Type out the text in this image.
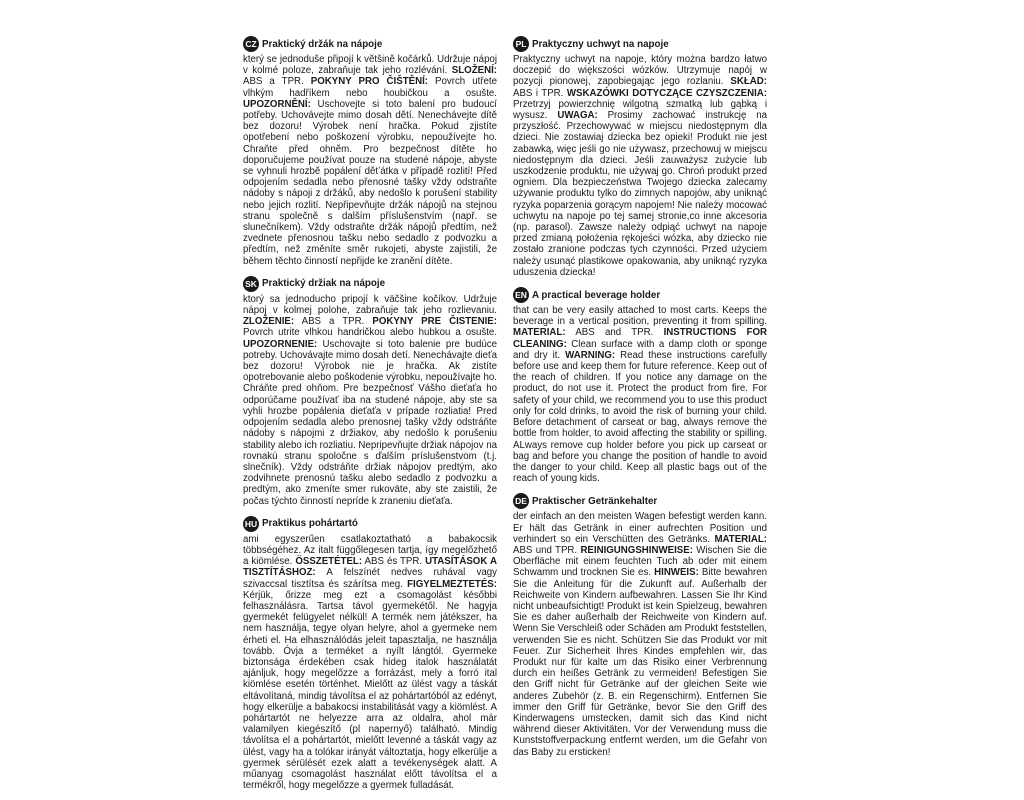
CZ Praktický držák na nápoje
který se jednoduše připojí k většině kočárků. Udržuje nápoj v kolmé poloze, zabraňuje tak jeho rozlévání. SLOŽENÍ: ABS a TPR. POKYNY PRO ČIŠTĚNÍ: Povrch utřete vlhkým hadříkem nebo houbičkou a osušte. UPOZORNĚNÍ: Uschovejte si toto balení pro budoucí potřeby. Uchovávejte mimo dosah dětí. Nenechávejte dítě bez dozoru! Výrobek není hračka. Pokud zjistíte opotřebení nebo poškození výrobku, nepoužívejte ho. Chraňte před ohněm. Pro bezpečnost dítěte ho doporučujeme používat pouze na studené nápoje, abyste se vyhnuli hrozbě popálení dětʼátka v případě rozlití! Před odpojením sedadla nebo přenosné tašky vždy odstraňte nádoby s nápoji z držáků, aby nedošlo k porušení stability nebo jejich rozlití. Nepřipevňujte držák nápojů na stejnou stranu společně s dalším příslušenstvím (např. se slunečníkem). Vždy odstraňte držák nápojů předtím, než zvednete přenosnou tašku nebo sedadlo z podvozku a předtím, než změníte směr rukojeti, abyste zajistili, že během těchto činností nepřijde ke zranění dítěte.
SK Praktický držiak na nápoje
ktorý sa jednoducho pripojí k väčšine kočíkov. Udržuje nápoj v kolmej polohe, zabraňuje tak jeho rozlievaniu. ZLOŽENIE: ABS a TPR. POKYNY PRE ČISTENIE: Povrch utrite vlhkou handričkou alebo hubkou a osušte. UPOZORNENIE: Uschovajte si toto balenie pre budúce potreby. Uchovávajte mimo dosah detí. Nenechávajte dieťa bez dozoru! Výrobok nie je hračka. Ak zistíte opotrebovanie alebo poškodenie výrobku, nepoužívajte ho. Chráňte pred ohňom. Pre bezpečnosť Vášho dieťaťa ho odporúčame používať iba na studené nápoje, aby ste sa vyhli hrozbe popálenia dieťaťa v prípade rozliatia! Pred odpojením sedadla alebo prenosnej tašky vždy odstráňte nádoby s nápojmi z držiakov, aby nedošlo k porušeniu stability alebo ich rozliatiu. Nepripevňujte držiak nápojov na rovnakú stranu spoločne s ďalším príslušenstvom (t.j. slnečník). Vždy odstráňte držiak nápojov predtým, ako zodvihnete prenosnú tašku alebo sedadlo z podvozku a predtým, ako zmeníte smer rukoväte, aby ste zaistili, že počas týchto činností nepríde k zraneniu dieťaťa.
HU Praktikus pohártartó
ami egyszerűen csatlakoztatható a babakocsik többségéhez. Az italt függőlegesen tartja, így megelőzhető a kiömlése. ÖSSZETÉTEL: ABS és TPR. UTASÍTÁSOK A TISZTÍTÁSHOZ: A felszínét nedves ruhával vagy szivaccsal tisztítsa és szárítsa meg. FIGYELMEZTETÉS: Kérjük, őrizze meg ezt a csomagolást későbbi felhasználásra. Tartsa távol gyermekétől. Ne hagyja gyermekét felügyelet nélkül! A termék nem játékszer, ha nem használja, tegye olyan helyre, ahol a gyermeke nem érheti el. Ha elhasználódás jeleit tapasztalja, ne használja tovább. Óvja a terméket a nyílt lángtól. Gyermeke biztonsága érdekében csak hideg italok használatát ajánljuk, hogy megelőzze a forrázást, mely a forró ital kiömlése esetén történhet. Mielőtt az ülést vagy a táskát eltávolítaná, mindig távolítsa el az pohártartóból az edényt, hogy elkerülje a babakocsi instabilitását vagy a kiömlést. A pohártartót ne helyezze arra az oldalra, ahol már valamilyen kiegészítő (pl napernyő) található. Mindig távolítsa el a pohártartót, mielőtt levenné a táskát vagy az ülést, vagy ha a tolókar irányát változtatja, hogy elkerülje a gyermek sérülését ezek alatt a tevékenységek alatt. A műanyag csomagolást használat előtt távolítsa el a termékről, hogy megelőzze a gyermek fulladását.
PL Praktyczny uchwyt na napoje
Praktyczny uchwyt na napoje, który można bardzo łatwo doczepić do większości wózków. Utrzymuje napój w pozycji pionowej, zapobiegając jego rozlaniu. SKŁAD: ABS i TPR. WSKAZÓWKI DOTYCZĄCE CZYSZCZENIA: Przetrzyj powierzchnię wilgotną szmatką lub gąbką i wysusz. UWAGA: Prosimy zachować instrukcję na przyszłość. Przechowywać w miejscu niedostępnym dla dzieci. Nie zostawiaj dziecka bez opieki! Produkt nie jest zabawką, więc jeśli go nie używasz, przechowuj w miejscu niedostępnym dla dzieci. Jeśli zauważysz zużycie lub uszkodzenie produktu, nie używaj go. Chroń produkt przed ogniem. Dla bezpieczeństwa Twojego dziecka zalecamy używanie produktu tylko do zimnych napojów, aby uniknąć ryzyka poparzenia gorącym napojem! Nie należy mocować uchwytu na napoje po tej samej stronie,co inne akcesoria (np. parasol). Zawsze należy odpiąć uchwyt na napoje przed zmianą położenia rękojeści wózka, aby dziecko nie zostało zranione podczas tych czynności. Przed użyciem należy usunąć plastikowe opakowania, aby uniknąć ryzyka uduszenia dziecka!
EN A practical beverage holder
that can be very easily attached to most carts. Keeps the beverage in a vertical position, preventing it from spilling. MATERIAL: ABS and TPR. INSTRUCTIONS FOR CLEANING: Clean surface with a damp cloth or sponge and dry it. WARNING: Read these instructions carefully before use and keep them for future reference. Keep out of the reach of children. If you notice any damage on the product, do not use it. Protect the product from fire. For safety of your child, we recommend you to use this product only for cold drinks, to avoid the risk of burning your child. Before detachment of carseat or bag, always remove the bottle from holder, to avoid affecting the stability or spilling. ALways remove cup holder before you pick up carseat or bag and before you change the position of handle to avoid the danger to your child. Keep all plastic bags out of the reach of young kids.
DE Praktischer Getränkehalter
der einfach an den meisten Wagen befestigt werden kann. Er hält das Getränk in einer aufrechten Position und verhindert so ein Verschütten des Getränks. MATERIAL: ABS und TPR. REINIGUNGSHINWEISE: Wischen Sie die Oberfläche mit einem feuchten Tuch ab oder mit einem Schwamm und trocknen Sie es. HINWEIS: Bitte bewahren Sie die Anleitung für die Zukunft auf. Außerhalb der Reichweite von Kindern aufbewahren. Lassen Sie Ihr Kind nicht unbeaufsichtigt! Produkt ist kein Spielzeug, bewahren Sie es daher außerhalb der Reichweite von Kindern auf. Wenn Sie Verschleiß oder Schäden am Produkt feststellen, verwenden Sie es nicht. Schützen Sie das Produkt vor mit Feuer. Zur Sicherheit Ihres Kindes empfehlen wir, das Produkt nur für kalte um das Risiko einer Verbrennung durch ein heißes Getränk zu vermeiden! Befestigen Sie den Griff nicht für Getränke auf der gleichen Seite wie anderes Zubehör (z. B. ein Regenschirm). Entfernen Sie immer den Griff für Getränke, bevor Sie den Griff des Kinderwagens umstecken, damit sich das Kind nicht während dieser Aktivitäten. Vor der Verwendung muss die Kunststoffverpackung entfernt werden, um die Gefahr von das Baby zu ersticken!
